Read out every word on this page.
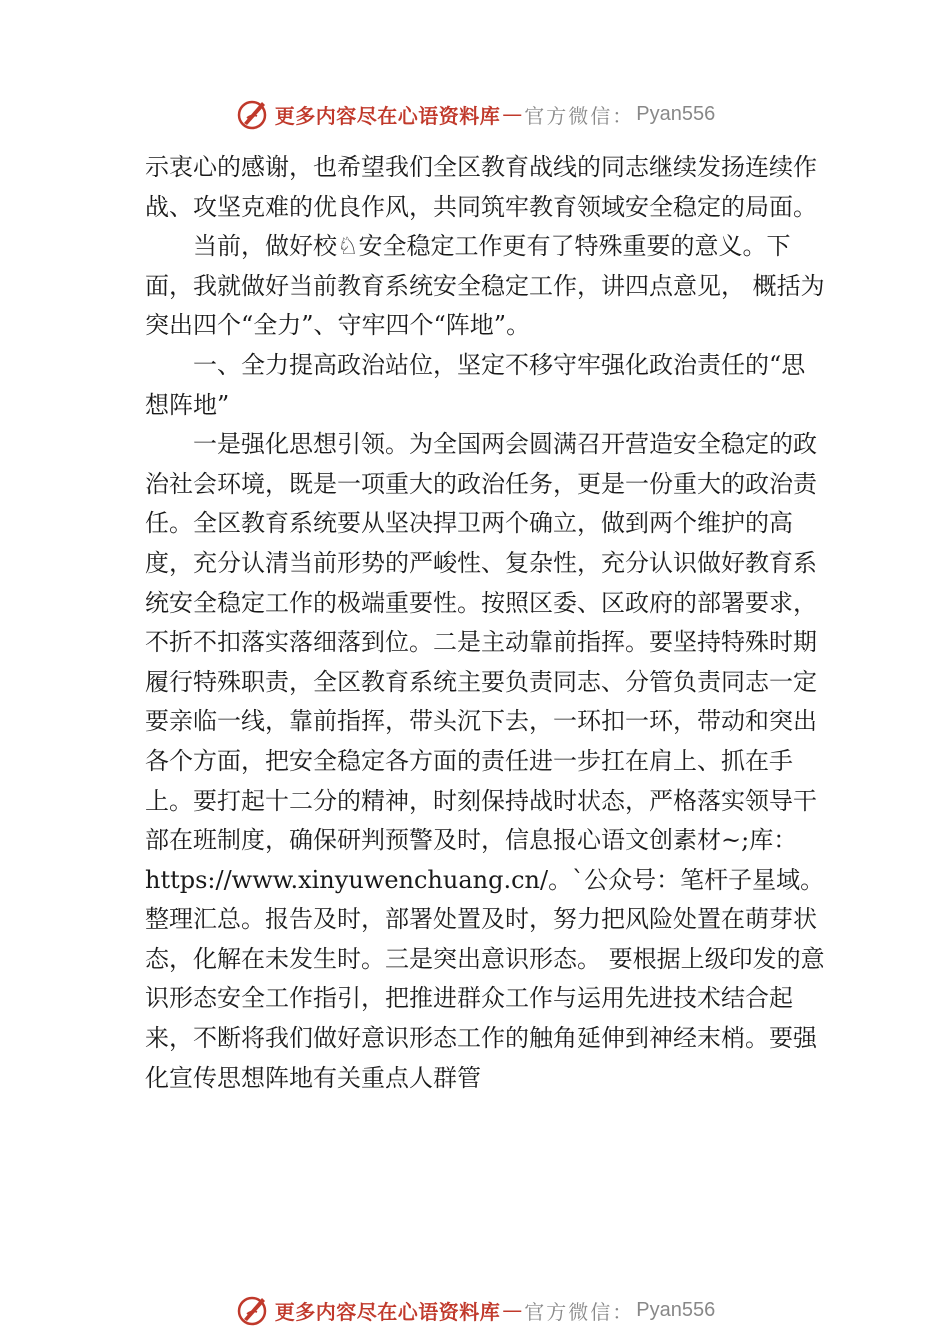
更多内容尽在心语资料库 — 官方微信： Pyan556

示衷心的感谢，也希望我们全区教育战线的同志继续发扬连续作战、攻坚克难的优良作风，共同筑牢教育领域安全稳定的局面。

当前，做好校♘安全稳定工作更有了特殊重要的意义。下面，我就做好当前教育系统安全稳定工作，讲四点意见， 概括为突出四个“全力”、守牢四个“阵地”。

一、全力提高政治站位，坚定不移守牢强化政治责任的“思想阵地”

一是强化思想引领。为全国两会圆满召开营造安全稳定的政治社会环境，既是一项重大的政治任务，更是一份重大的政治责任。全区教育系统要从坚决捍卫两个确立，做到两个维护的高度，充分认清当前形势的严峻性、复杂性，充分认识做好教育系统安全稳定工作的极端重要性。按照区委、区政府的部署要求，不折不扣落实落细落到位。二是主动靠前指挥。要坚持特殊时期履行特殊职责，全区教育系统主要负责同志、分管负责同志一定要亲临一线，靠前指挥，带头沉下去，一环扣一环，带动和突出各个方面，把安全稳定各方面的责任进一步扛在肩上、抓在手上。要打起十二分的精神，时刻保持战时状态，严格落实领导干部在班制度，确保研判预警及时，信息报心语文创素材~;库：https://www.xinyuwenchuang.cn/。`公众号：笔杆子星域。整理汇总。报告及时，部署处置及时，努力把风险处置在萌芽状态，化解在未发生时。三是突出意识形态。 要根据上级印发的意识形态安全工作指引，把推进群众工作与运用先进技术结合起来，不断将我们做好意识形态工作的触角延伸到神经末梢。要强化宣传思想阵地有关重点人群管

更多内容尽在心语资料库 — 官方微信： Pyan556
